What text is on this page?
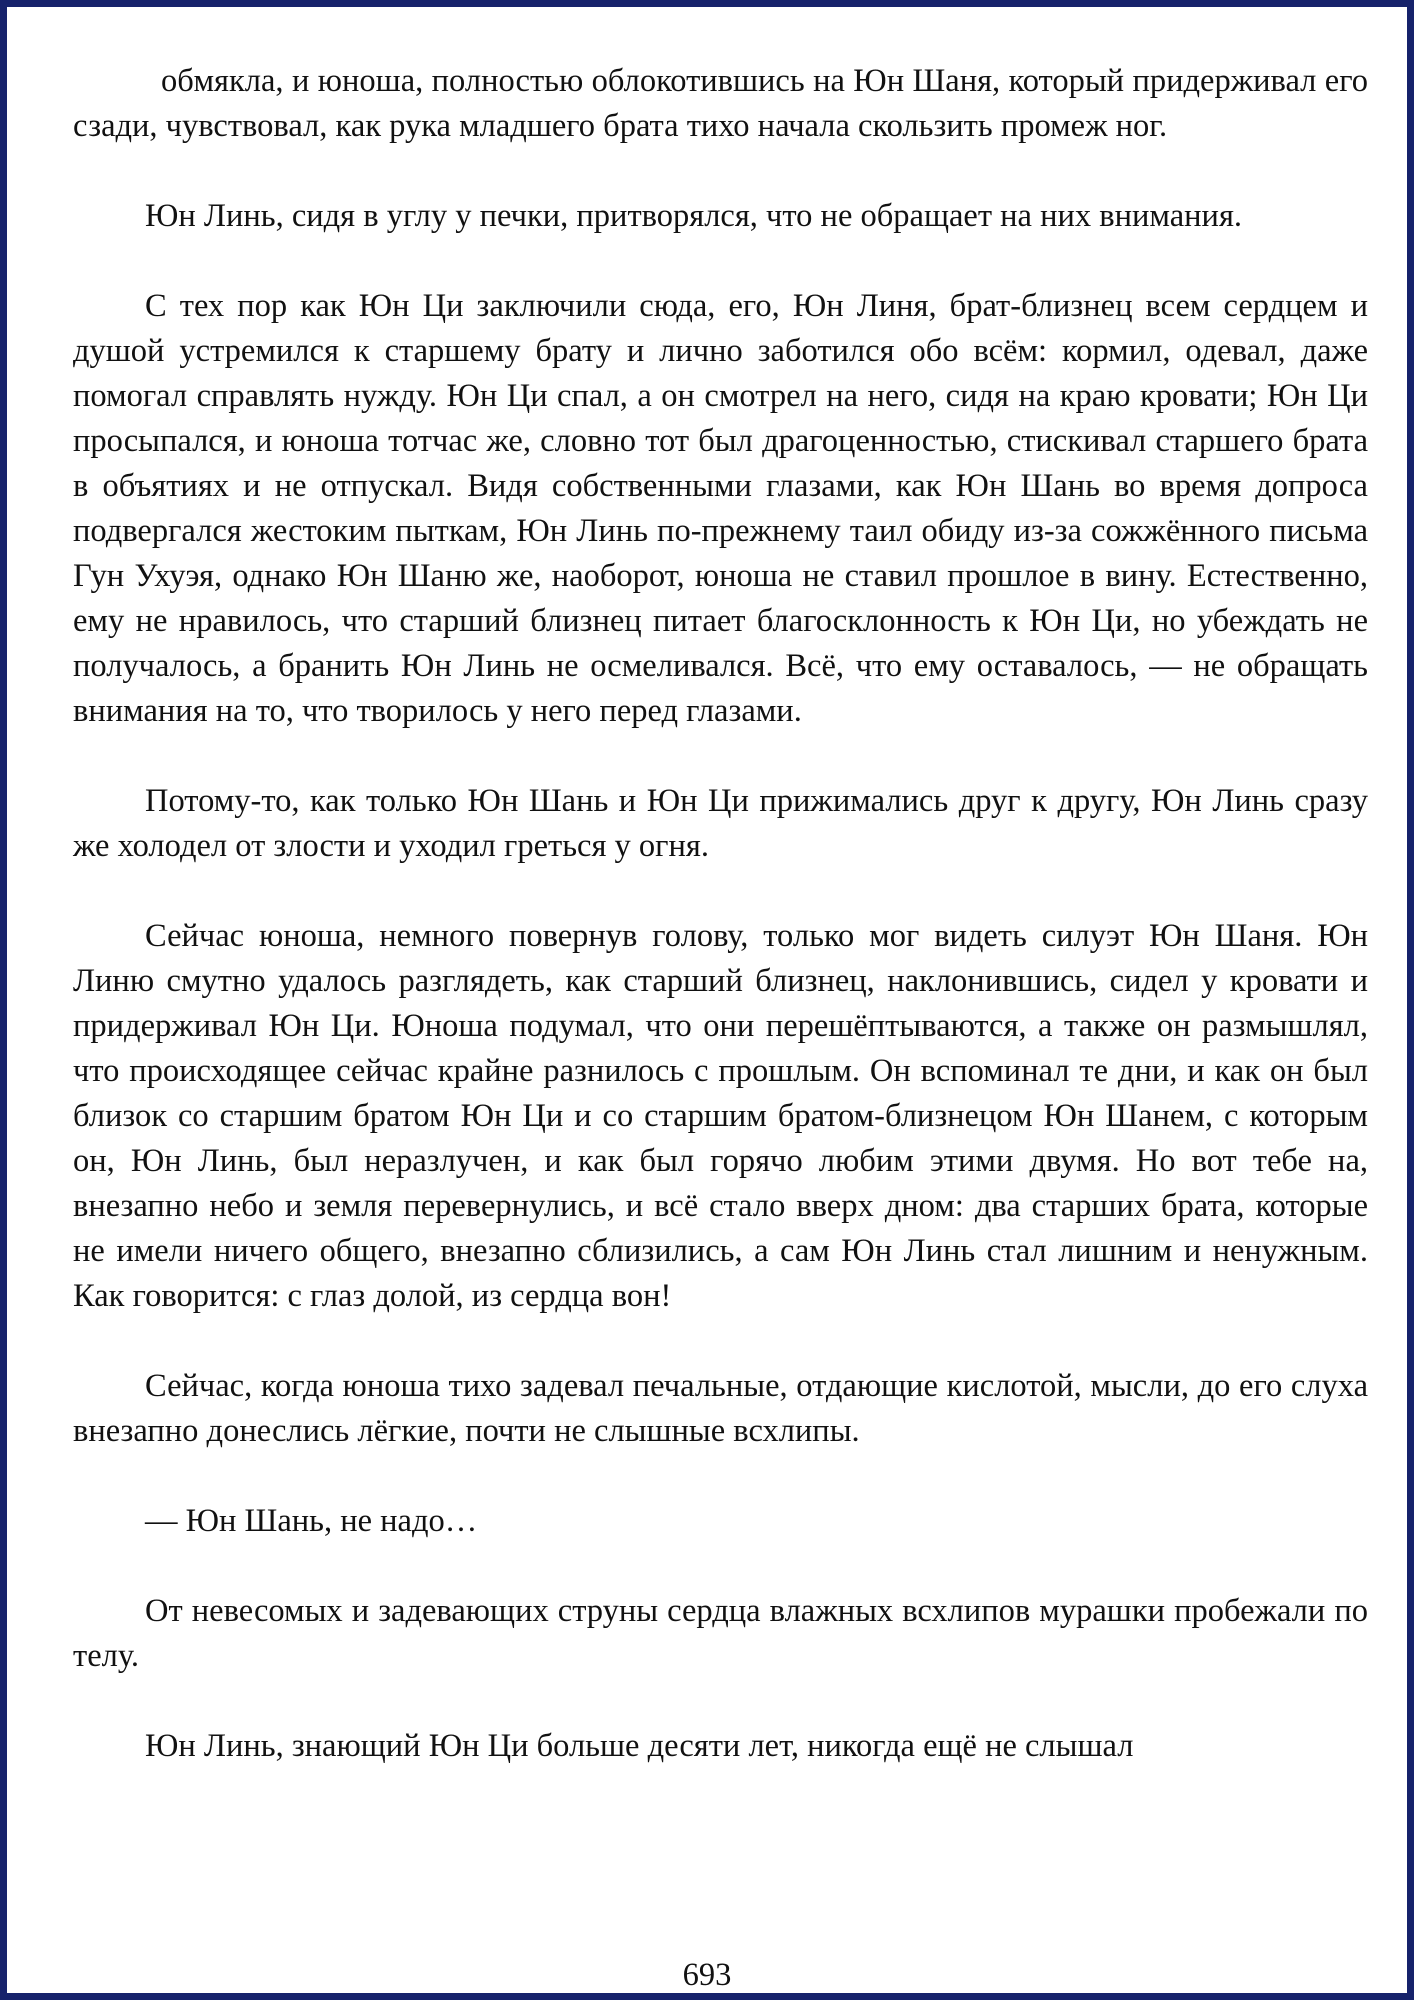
обмякла, и юноша, полностью облокотившись на Юн Шаня, который придерживал его сзади, чувствовал, как рука младшего брата тихо начала скользить промеж ног.

Юн Линь, сидя в углу у печки, притворялся, что не обращает на них внимания.

С тех пор как Юн Ци заключили сюда, его, Юн Линя, брат-близнец всем сердцем и душой устремился к старшему брату и лично заботился обо всём: кормил, одевал, даже помогал справлять нужду. Юн Ци спал, а он смотрел на него, сидя на краю кровати; Юн Ци просыпался, и юноша тотчас же, словно тот был драгоценностью, стискивал старшего брата в объятиях и не отпускал. Видя собственными глазами, как Юн Шань во время допроса подвергался жестоким пыткам, Юн Линь по-прежнему таил обиду из-за сожжённого письма Гун Ухуэя, однако Юн Шаню же, наоборот, юноша не ставил прошлое в вину. Естественно, ему не нравилось, что старший близнец питает благосклонность к Юн Ци, но убеждать не получалось, а бранить Юн Линь не осмеливался. Всё, что ему оставалось, — не обращать внимания на то, что творилось у него перед глазами.

Потому-то, как только Юн Шань и Юн Ци прижимались друг к другу, Юн Линь сразу же холодел от злости и уходил греться у огня.

Сейчас юноша, немного повернув голову, только мог видеть силуэт Юн Шаня. Юн Линю смутно удалось разглядеть, как старший близнец, наклонившись, сидел у кровати и придерживал Юн Ци. Юноша подумал, что они перешёптываются, а также он размышлял, что происходящее сейчас крайне разнилось с прошлым. Он вспоминал те дни, и как он был близок со старшим братом Юн Ци и со старшим братом-близнецом Юн Шанем, с которым он, Юн Линь, был неразлучен, и как был горячо любим этими двумя. Но вот тебе на, внезапно небо и земля перевернулись, и всё стало вверх дном: два старших брата, которые не имели ничего общего, внезапно сблизились, а сам Юн Линь стал лишним и ненужным. Как говорится: с глаз долой, из сердца вон!

Сейчас, когда юноша тихо задевал печальные, отдающие кислотой, мысли, до его слуха внезапно донеслись лёгкие, почти не слышные всхлипы.

— Юн Шань, не надо…

От невесомых и задевающих струны сердца влажных всхлипов мурашки пробежали по телу.

Юн Линь, знающий Юн Ци больше десяти лет, никогда ещё не слышал

693
